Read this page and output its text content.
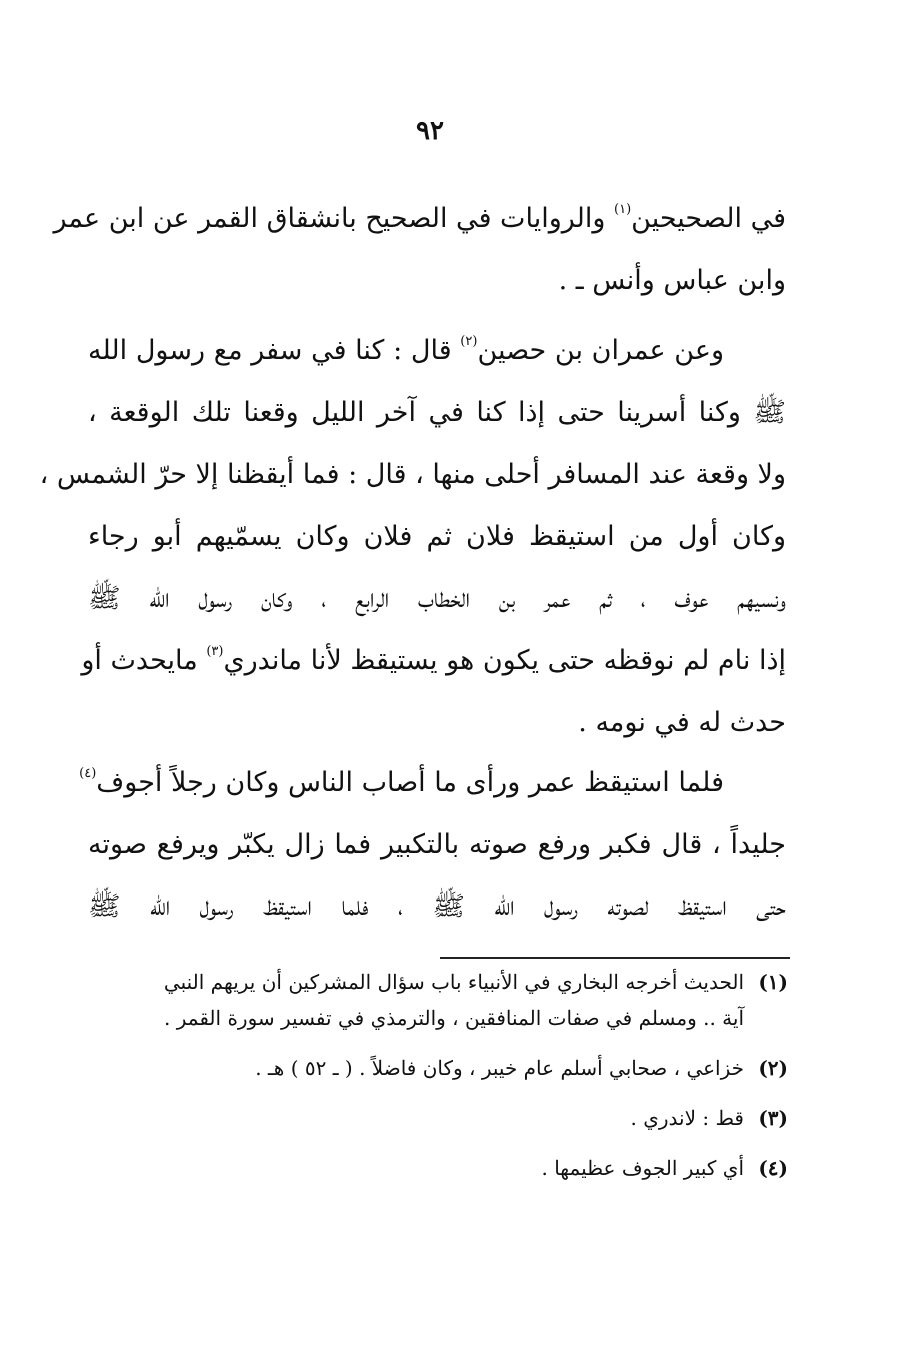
٩٢
في الصحيحين$^{(١)}$ والروايات في الصحيح بانشقاق القمر عن ابن عمر
وابن عباس وأنس ـ .
وعن عمران بن حصين$^{(٢)}$ قال : كنا في سفر مع رسول الله
ﷺ وكنا أسرينا حتى إذا كنا في آخر الليل وقعنا تلك الوقعة ،
ولا وقعة عند المسافر أحلى منها ، قال : فما أيقظنا إلا حرّ الشمس ،
وكان أول من استيقظ فلان ثم فلان وكان يسمّيهم أبو رجاء
ونسيهم عوف ، ثم عمر بن الخطاب الرابع ، وكان رسول الله ﷺ
إذا نام لم نوقظه حتى يكون هو يستيقظ لأنا ماندري$^{(٣)}$ مايحدث أو
حدث له في نومه .
فلما استيقظ عمر ورأى ما أصاب الناس وكان رجلاً أجوف$^{(٤)}$
جليداً ، قال فكبر ورفع صوته بالتكبير فما زال يكبّر ويرفع صوته
حتى استيقظ لصوته رسول الله ﷺ ، فلما استيقظ رسول الله ﷺ
(١)
الحديث أخرجه البخاري في الأنبياء باب سؤال المشركين أن يريهم النبي
آية .. ومسلم في صفات المنافقين ، والترمذي في تفسير سورة القمر .
(٢)
خزاعي ، صحابي أسلم عام خيبر ، وكان فاضلاً . ( ـ ٥٢ ) هـ .
(٣)
قط : لاندري .
(٤)
أي كبير الجوف عظيمها .
